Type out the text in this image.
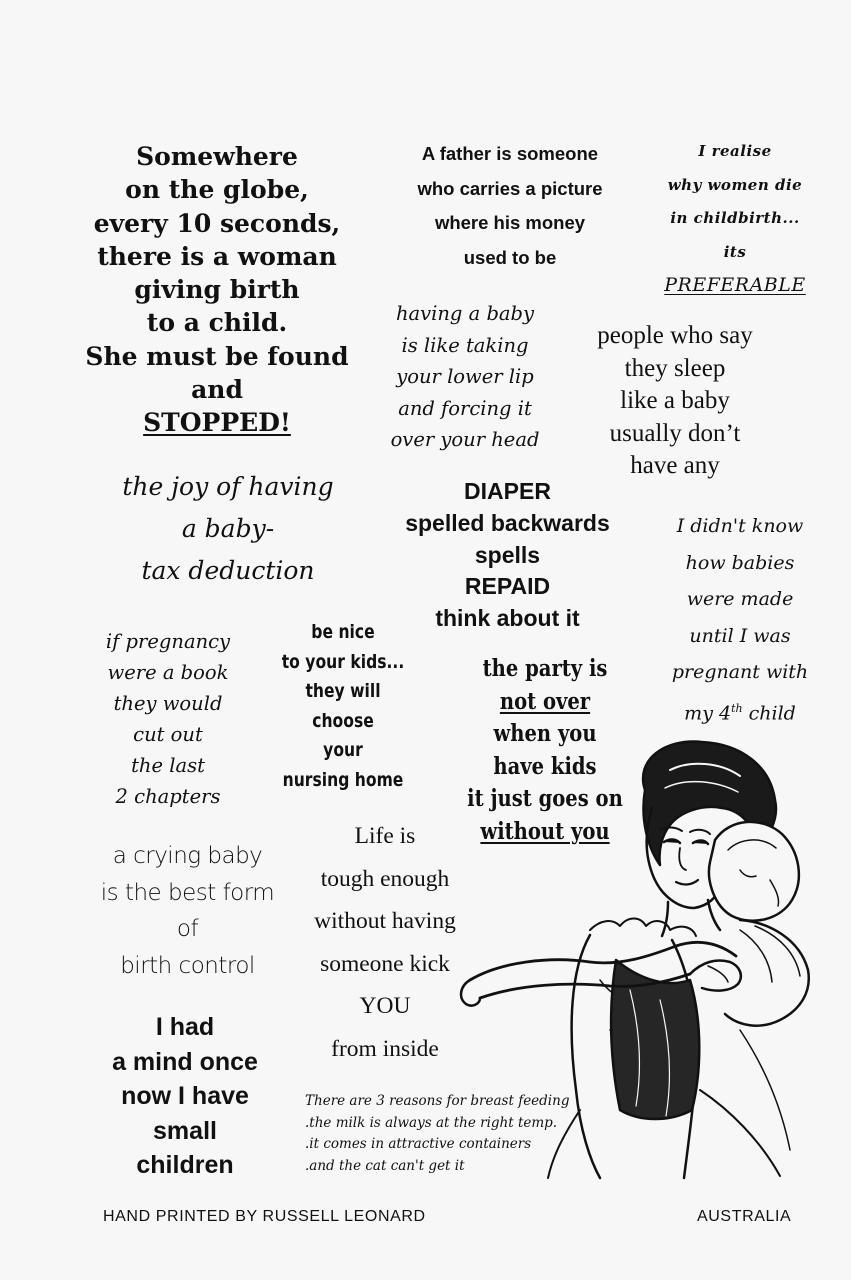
Somewhere
on the globe,
every 10 seconds,
there is a woman
giving birth
to a child.
She must be found
and
STOPPED!
A father is someone
who carries a picture
where his money
used to be
I realise
why women die
in childbirth...
its
PREFERABLE
having a baby
is like taking
your lower lip
and forcing it
over your head
people who say
they sleep
like a baby
usually don’t
have any
the joy of having
a baby-
tax deduction
DIAPER
spelled backwards
spells
REPAID
think about it
I didn't know
how babies
were made
until I was
pregnant with
my 4th child
if pregnancy
were a book
they would
cut out
the last
2 chapters
be nice
to your kids...
they will
choose
your
nursing home
the party is
not over
when you
have kids
it just goes on
without you
a crying baby
is the best form
of
birth control
Life is
tough enough
without having
someone kick
YOU
from inside
I had
a mind once
now I have
small
children
There are 3 reasons for breast feeding
.the milk is always at the right temp.
.it comes in attractive containers
.and the cat can't get it
HAND PRINTED BY RUSSELL LEONARD	AUSTRALIA
